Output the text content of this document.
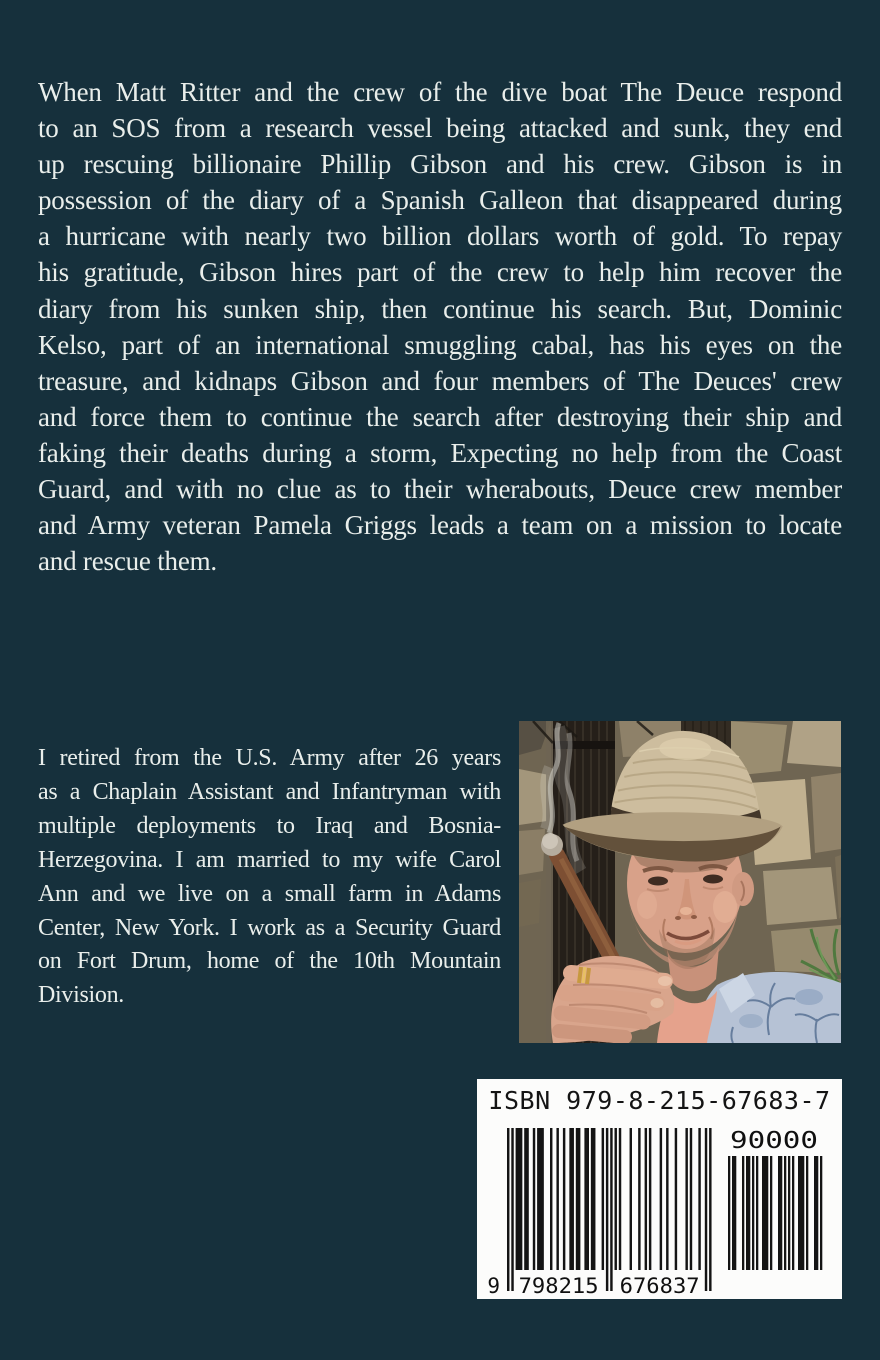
When Matt Ritter and the crew of the dive boat The Deuce respond
to an SOS from a research vessel being attacked and sunk, they end
up rescuing billionaire Phillip Gibson and his crew. Gibson is in
possession of the diary of a Spanish Galleon that disappeared during
a hurricane with nearly two billion dollars worth of gold. To repay
his gratitude, Gibson hires part of the crew to help him recover the
diary from his sunken ship, then continue his search. But, Dominic
Kelso, part of an international smuggling cabal, has his eyes on the
treasure, and kidnaps Gibson and four members of The Deuces' crew
and force them to continue the search after destroying their ship and
faking their deaths during a storm, Expecting no help from the Coast
Guard, and with no clue as to their wherabouts, Deuce crew member
and Army veteran Pamela Griggs leads a team on a mission to locate
and rescue them.
I retired from the U.S. Army after 26 years
as a Chaplain Assistant and Infantryman with
multiple deployments to Iraq and Bosnia-
Herzegovina. I am married to my wife Carol
Ann and we live on a small farm in Adams
Center, New York. I work as a Security Guard
on Fort Drum, home of the 10th Mountain
Division.
ISBN 979-8-215-67683-7
9 798215 676837
90000
